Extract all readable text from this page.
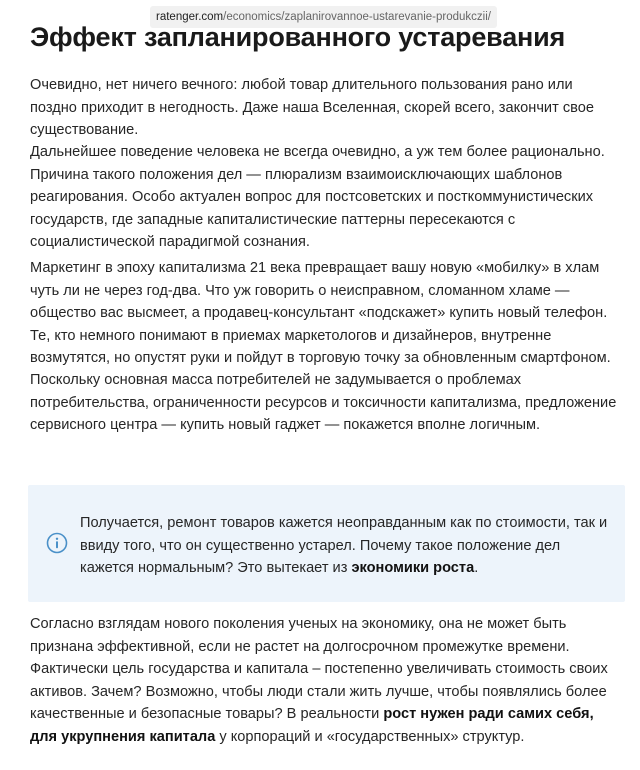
ratenger.com/economics/zaplanirovannoe-ustarevanie-produkczii/
Эффект запланированного устаревания

Очевидно, нет ничего вечного: любой товар длительного пользования рано или поздно приходит в негодность. Даже наша Вселенная, скорей всего, закончит свое существование.

Дальнейшее поведение человека не всегда очевидно, а уж тем более рационально. Причина такого положения дел — плюрализм взаимоисключающих шаблонов реагирования. Особо актуален вопрос для постсоветских и посткоммунистических государств, где западные капиталистические паттерны пересекаются с социалистической парадигмой сознания.

Маркетинг в эпоху капитализма 21 века превращает вашу новую «мобилку» в хлам чуть ли не через год-два. Что уж говорить о неисправном, сломанном хламе — общество вас высмеет, а продавец-консультант «подскажет» купить новый телефон. Те, кто немного понимают в приемах маркетологов и дизайнеров, внутренне возмутятся, но опустят руки и пойдут в торговую точку за обновленным смартфоном.

Поскольку основная масса потребителей не задумывается о проблемах потребительства, ограниченности ресурсов и токсичности капитализма, предложение сервисного центра — купить новый гаджет — покажется вполне логичным.

Получается, ремонт товаров кажется неоправданным как по стоимости, так и ввиду того, что он существенно устарел. Почему такое положение дел кажется нормальным? Это вытекает из экономики роста.

Согласно взглядам нового поколения ученых на экономику, она не может быть признана эффективной, если не растет на долгосрочном промежутке времени. Фактически цель государства и капитала – постепенно увеличивать стоимость своих активов. Зачем? Возможно, чтобы люди стали жить лучше, чтобы появлялись более качественные и безопасные товары? В реальности рост нужен ради самих себя, для укрупнения капитала у корпораций и «государственных» структур.
